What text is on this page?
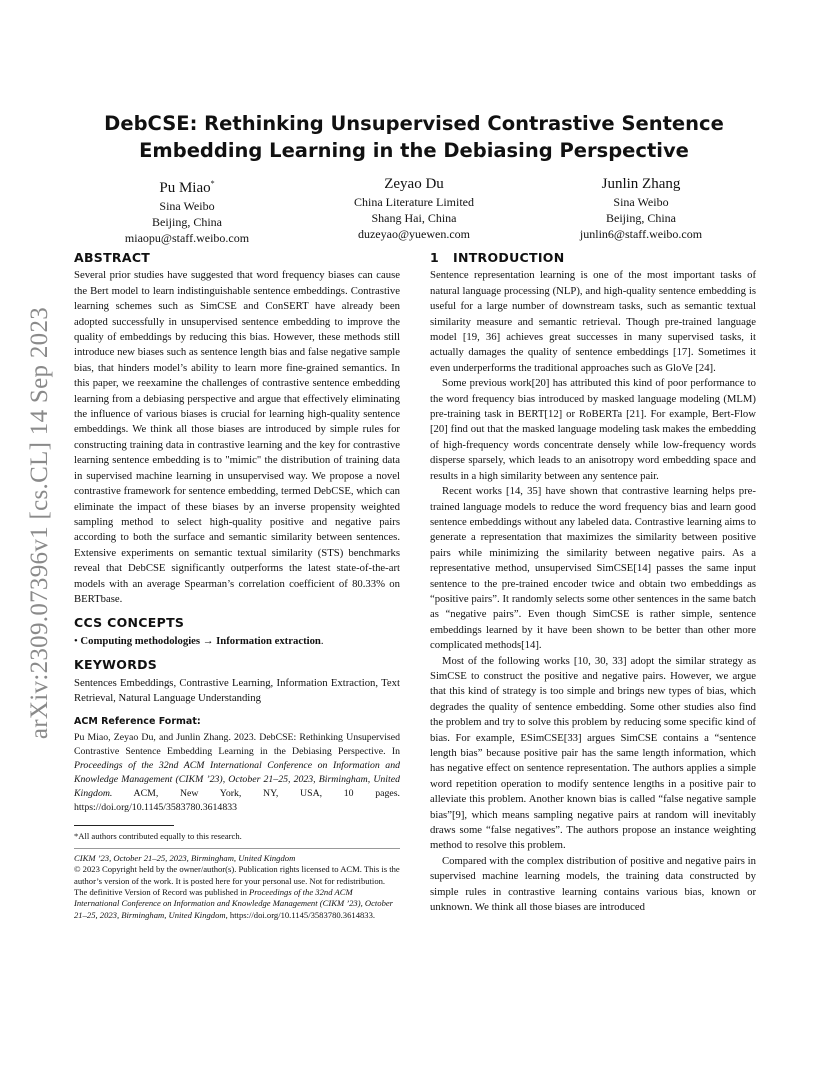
arXiv:2309.07396v1 [cs.CL] 14 Sep 2023
DebCSE: Rethinking Unsupervised Contrastive Sentence
Embedding Learning in the Debiasing Perspective
Pu Miao*
Sina Weibo
Beijing, China
miaopu@staff.weibo.com
Zeyao Du
China Literature Limited
Shang Hai, China
duzeyao@yuewen.com
Junlin Zhang
Sina Weibo
Beijing, China
junlin6@staff.weibo.com
ABSTRACT

Several prior studies have suggested that word frequency biases can cause the Bert model to learn indistinguishable sentence embeddings. Contrastive learning schemes such as SimCSE and ConSERT have already been adopted successfully in unsupervised sentence embedding to improve the quality of embeddings by reducing this bias. However, these methods still introduce new biases such as sentence length bias and false negative sample bias, that hinders model’s ability to learn more fine-grained semantics. In this paper, we reexamine the challenges of contrastive sentence embedding learning from a debiasing perspective and argue that effectively eliminating the influence of various biases is crucial for learning high-quality sentence embeddings. We think all those biases are introduced by simple rules for constructing training data in contrastive learning and the key for contrastive learning sentence embedding is to "mimic" the distribution of training data in supervised machine learning in unsupervised way. We propose a novel contrastive framework for sentence embedding, termed DebCSE, which can eliminate the impact of these biases by an inverse propensity weighted sampling method to select high-quality positive and negative pairs according to both the surface and semantic similarity between sentences. Extensive experiments on semantic textual similarity (STS) benchmarks reveal that DebCSE significantly outperforms the latest state-of-the-art models with an average Spearman’s correlation coefficient of 80.33% on BERTbase.

CCS CONCEPTS

• Computing methodologies → Information extraction.

KEYWORDS

Sentences Embeddings, Contrastive Learning, Information Extraction, Text Retrieval, Natural Language Understanding

ACM Reference Format:

Pu Miao, Zeyao Du, and Junlin Zhang. 2023. DebCSE: Rethinking Unsupervised Contrastive Sentence Embedding Learning in the Debiasing Perspective. In Proceedings of the 32nd ACM International Conference on Information and Knowledge Management (CIKM ’23), October 21–25, 2023, Birmingham, United Kingdom. ACM, New York, NY, USA, 10 pages. https://doi.org/10.1145/3583780.3614833

*All authors contributed equally to this research.

CIKM ’23, October 21–25, 2023, Birmingham, United Kingdom
© 2023 Copyright held by the owner/author(s). Publication rights licensed to ACM. This is the author’s version of the work. It is posted here for your personal use. Not for redistribution. The definitive Version of Record was published in Proceedings of the 32nd ACM International Conference on Information and Knowledge Management (CIKM ’23), October 21–25, 2023, Birmingham, United Kingdom, https://doi.org/10.1145/3583780.3614833.
1 INTRODUCTION

Sentence representation learning is one of the most important tasks of natural language processing (NLP), and high-quality sentence embedding is useful for a large number of downstream tasks, such as semantic textual similarity measure and semantic retrieval. Though pre-trained language model [19, 36] achieves great successes in many supervised tasks, it actually damages the quality of sentence embeddings [17]. Sometimes it even underperforms the traditional approaches such as GloVe [24].

Some previous work[20] has attributed this kind of poor performance to the word frequency bias introduced by masked language modeling (MLM) pre-training task in BERT[12] or RoBERTa [21]. For example, Bert-Flow [20] find out that the masked language modeling task makes the embedding of high-frequency words concentrate densely while low-frequency words disperse sparsely, which leads to an anisotropy word embedding space and results in a high similarity between any sentence pair.

Recent works [14, 35] have shown that contrastive learning helps pre-trained language models to reduce the word frequency bias and learn good sentence embeddings without any labeled data. Contrastive learning aims to generate a representation that maximizes the similarity between positive pairs while minimizing the similarity between negative pairs. As a representative method, unsupervised SimCSE[14] passes the same input sentence to the pre-trained encoder twice and obtain two embeddings as “positive pairs”. It randomly selects some other sentences in the same batch as “negative pairs”. Even though SimCSE is rather simple, sentence embeddings learned by it have been shown to be better than other more complicated methods[14].

Most of the following works [10, 30, 33] adopt the similar strategy as SimCSE to construct the positive and negative pairs. However, we argue that this kind of strategy is too simple and brings new types of bias, which degrades the quality of sentence embedding. Some other studies also find the problem and try to solve this problem by reducing some specific kind of bias. For example, ESimCSE[33] argues SimCSE contains a “sentence length bias” because positive pair has the same length information, which has negative effect on sentence representation. The authors applies a simple word repetition operation to modify sentence lengths in a positive pair to alleviate this problem. Another known bias is called “false negative sample bias”[9], which means sampling negative pairs at random will inevitably draws some “false negatives”. The authors propose an instance weighting method to resolve this problem.

Compared with the complex distribution of positive and negative pairs in supervised machine learning models, the training data constructed by simple rules in contrastive learning contains various bias, known or unknown. We think all those biases are introduced
